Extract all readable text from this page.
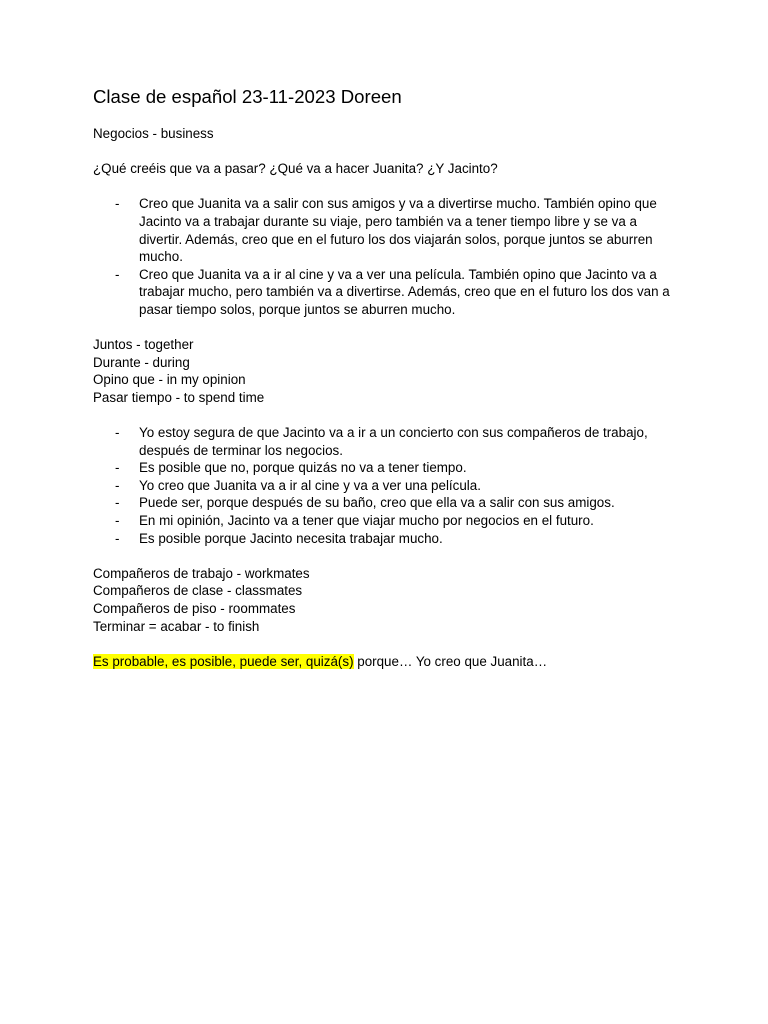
Clase de español 23-11-2023 Doreen

Negocios - business

¿Qué creéis que va a pasar? ¿Qué va a hacer Juanita? ¿Y Jacinto?

- Creo que Juanita va a salir con sus amigos y va a divertirse mucho. También opino que Jacinto va a trabajar durante su viaje, pero también va a tener tiempo libre y se va a divertir. Además, creo que en el futuro los dos viajarán solos, porque juntos se aburren mucho.
- Creo que Juanita va a ir al cine y va a ver una película. También opino que Jacinto va a trabajar mucho, pero también va a divertirse. Además, creo que en el futuro los dos van a pasar tiempo solos, porque juntos se aburren mucho.
Juntos - together
Durante - during
Opino que - in my opinion
Pasar tiempo - to spend time
- Yo estoy segura de que Jacinto va a ir a un concierto con sus compañeros de trabajo, después de terminar los negocios.
- Es posible que no, porque quizás no va a tener tiempo.
- Yo creo que Juanita va a ir al cine y va a ver una película.
- Puede ser, porque después de su baño, creo que ella va a salir con sus amigos.
- En mi opinión, Jacinto va a tener que viajar mucho por negocios en el futuro.
- Es posible porque Jacinto necesita trabajar mucho.
Compañeros de trabajo - workmates
Compañeros de clase - classmates
Compañeros de piso - roommates
Terminar = acabar - to finish

Es probable, es posible, puede ser, quizá(s) porque… Yo creo que Juanita…
